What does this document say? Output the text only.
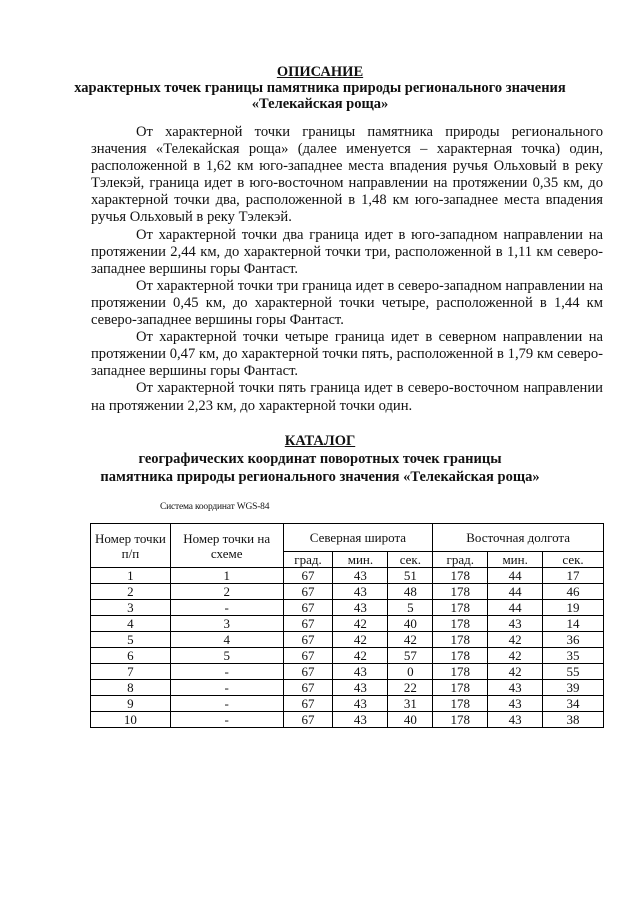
ОПИСАНИЕ
характерных точек границы памятника природы регионального значения
«Телекайская роща»

От характерной точки границы памятника природы регионального значения «Телекайская роща» (далее именуется – характерная точка) один, расположенной в 1,62 км юго-западнее места впадения ручья Ольховый в реку Тэлекэй, граница идет в юго-восточном направлении на протяжении 0,35 км, до характерной точки два, расположенной в 1,48 км юго-западнее места впадения ручья Ольховый в реку Тэлекэй.

От характерной точки два граница идет в юго-западном направлении на протяжении 2,44 км, до характерной точки три, расположенной в 1,11 км северо-западнее вершины горы Фантаст.

От характерной точки три граница идет в северо-западном направлении на протяжении 0,45 км, до характерной точки четыре, расположенной в 1,44 км северо-западнее вершины горы Фантаст.

От характерной точки четыре граница идет в северном направлении на протяжении 0,47 км, до характерной точки пять, расположенной в 1,79 км северо-западнее вершины горы Фантаст.

От характерной точки пять граница идет в северо-восточном направлении на протяжении 2,23 км, до характерной точки один.

КАТАЛОГ
географических координат поворотных точек границы
памятника природы регионального значения «Телекайская роща»
Система координат WGS-84
Номер точки п/п	Номер точки на схеме	Северная широта			Восточная долгота		
		град.	мин.	сек.	град.	мин.	сек.
1	1	67	43	51	178	44	17
2	2	67	43	48	178	44	46
3	-	67	43	5	178	44	19
4	3	67	42	40	178	43	14
5	4	67	42	42	178	42	36
6	5	67	42	57	178	42	35
7	-	67	43	0	178	42	55
8	-	67	43	22	178	43	39
9	-	67	43	31	178	43	34
10	-	67	43	40	178	43	38
